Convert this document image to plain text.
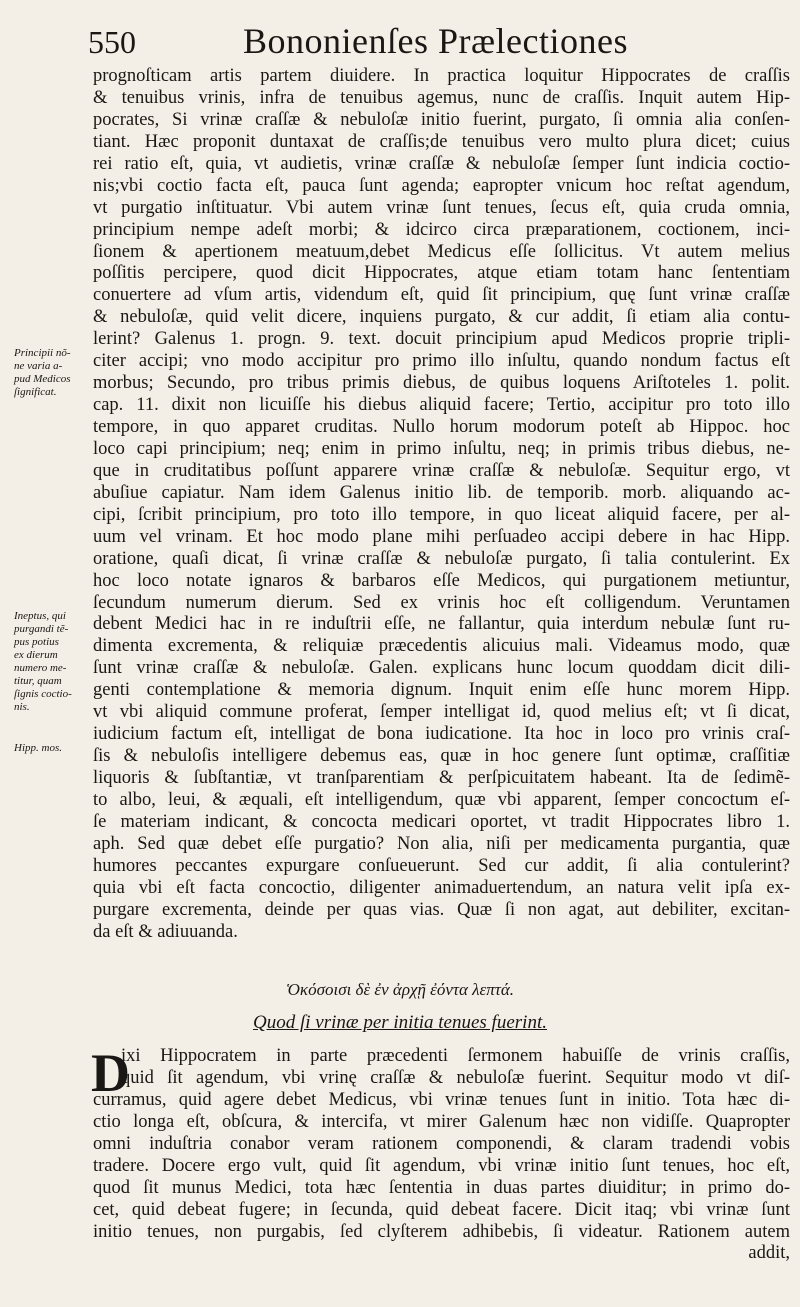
550	Bononienſes Prælectiones
Principii nõ-
ne varia a-
pud Medicos
ſignificat.
Ineptus, qui
purgandi tẽ-
pus potius
ex dierum
numero me-
titur, quam
ſignis coctio-
nis.
Hipp. mos.
prognoſticam artis partem diuidere. In practica loquitur Hippocrates de craſſis
& tenuibus vrinis, infra de tenuibus agemus, nunc de craſſis. Inquit autem Hip-
pocrates, Si vrinæ craſſæ & nebuloſæ initio fuerint, purgato, ſi omnia alia conſen-
tiant. Hæc proponit duntaxat de craſſis;de tenuibus vero multo plura dicet; cuius
rei ratio eſt, quia, vt audietis, vrinæ craſſæ & nebuloſæ ſemper ſunt indicia coctio-
nis;vbi coctio facta eſt, pauca ſunt agenda; eapropter vnicum hoc reſtat agendum,
vt purgatio inſtituatur. Vbi autem vrinæ ſunt tenues, ſecus eſt, quia cruda omnia,
principium nempe adeſt morbi; & idcirco circa præparationem, coctionem, inci-
ſionem & apertionem meatuum,debet Medicus eſſe ſollicitus. Vt autem melius
poſſitis percipere, quod dicit Hippocrates, atque etiam totam hanc ſententiam
conuertere ad vſum artis, videndum eſt, quid ſit principium, quę ſunt vrinæ craſſæ
& nebuloſæ, quid velit dicere, inquiens purgato, & cur addit, ſi etiam alia contu-
lerint? Galenus 1. progn. 9. text. docuit principium apud Medicos proprie tripli-
citer accipi; vno modo accipitur pro primo illo inſultu, quando nondum factus eſt
morbus; Secundo, pro tribus primis diebus, de quibus loquens Ariſtoteles 1. polit.
cap. 11. dixit non licuiſſe his diebus aliquid facere; Tertio, accipitur pro toto illo
tempore, in quo apparet cruditas. Nullo horum modorum poteſt ab Hippoc. hoc
loco capi principium; neq; enim in primo inſultu, neq; in primis tribus diebus, ne-
que in cruditatibus poſſunt apparere vrinæ craſſæ & nebuloſæ. Sequitur ergo, vt
abuſiue capiatur. Nam idem Galenus initio lib. de temporib. morb. aliquando ac-
cipi, ſcribit principium, pro toto illo tempore, in quo liceat aliquid facere, per al-
uum vel vrinam. Et hoc modo plane mihi perſuadeo accipi debere in hac Hipp.
oratione, quaſi dicat, ſi vrinæ craſſæ & nebuloſæ purgato, ſi talia contulerint. Ex
hoc loco notate ignaros & barbaros eſſe Medicos, qui purgationem metiuntur,
ſecundum numerum dierum. Sed ex vrinis hoc eſt colligendum. Veruntamen
debent Medici hac in re induſtrii eſſe, ne fallantur, quia interdum nebulæ ſunt ru-
dimenta excrementa, & reliquiæ præcedentis alicuius mali. Videamus modo, quæ
ſunt vrinæ craſſæ & nebuloſæ. Galen. explicans hunc locum quoddam dicit dili-
genti contemplatione & memoria dignum. Inquit enim eſſe hunc morem Hipp.
vt vbi aliquid commune proferat, ſemper intelligat id, quod melius eſt; vt ſi dicat,
iudicium factum eſt, intelligat de bona iudicatione. Ita hoc in loco pro vrinis craſ-
ſis & nebuloſis intelligere debemus eas, quæ in hoc genere ſunt optimæ, craſſitiæ
liquoris & ſubſtantiæ, vt tranſparentiam & perſpicuitatem habeant. Ita de ſedimẽ-
to albo, leui, & æquali, eſt intelligendum, quæ vbi apparent, ſemper concoctum eſ-
ſe materiam indicant, & concocta medicari oportet, vt tradit Hippocrates libro 1.
aph. Sed quæ debet eſſe purgatio? Non alia, niſi per medicamenta purgantia, quæ
humores peccantes expurgare conſueuerunt. Sed cur addit, ſi alia contulerint?
quia vbi eſt facta concoctio, diligenter animaduertendum, an natura velit ipſa ex-
purgare excrementa, deinde per quas vias. Quæ ſi non agat, aut debiliter, excitan-
da eſt & adiuuanda.
Ὁκόσοισι δὲ ἐν ἀρχῇ ἐόντα λεπτά.
Quod ſi vrinæ per initia tenues fuerint.
D
ixi Hippocratem in parte præcedenti ſermonem habuiſſe de vrinis craſſis,
quid ſit agendum, vbi vrinę craſſæ & nebuloſæ fuerint. Sequitur modo vt diſ-
curramus, quid agere debet Medicus, vbi vrinæ tenues ſunt in initio. Tota hæc di-
ctio longa eſt, obſcura, & intercifa, vt mirer Galenum hæc non vidiſſe. Quapropter
omni induſtria conabor veram rationem componendi, & claram tradendi vobis
tradere. Docere ergo vult, quid ſit agendum, vbi vrinæ initio ſunt tenues, hoc eſt,
quod ſit munus Medici, tota hæc ſententia in duas partes diuiditur; in primo do-
cet, quid debeat fugere; in ſecunda, quid debeat facere. Dicit itaq; vbi vrinæ ſunt
initio tenues, non purgabis, ſed clyſterem adhibebis, ſi videatur. Rationem autem
addit,
